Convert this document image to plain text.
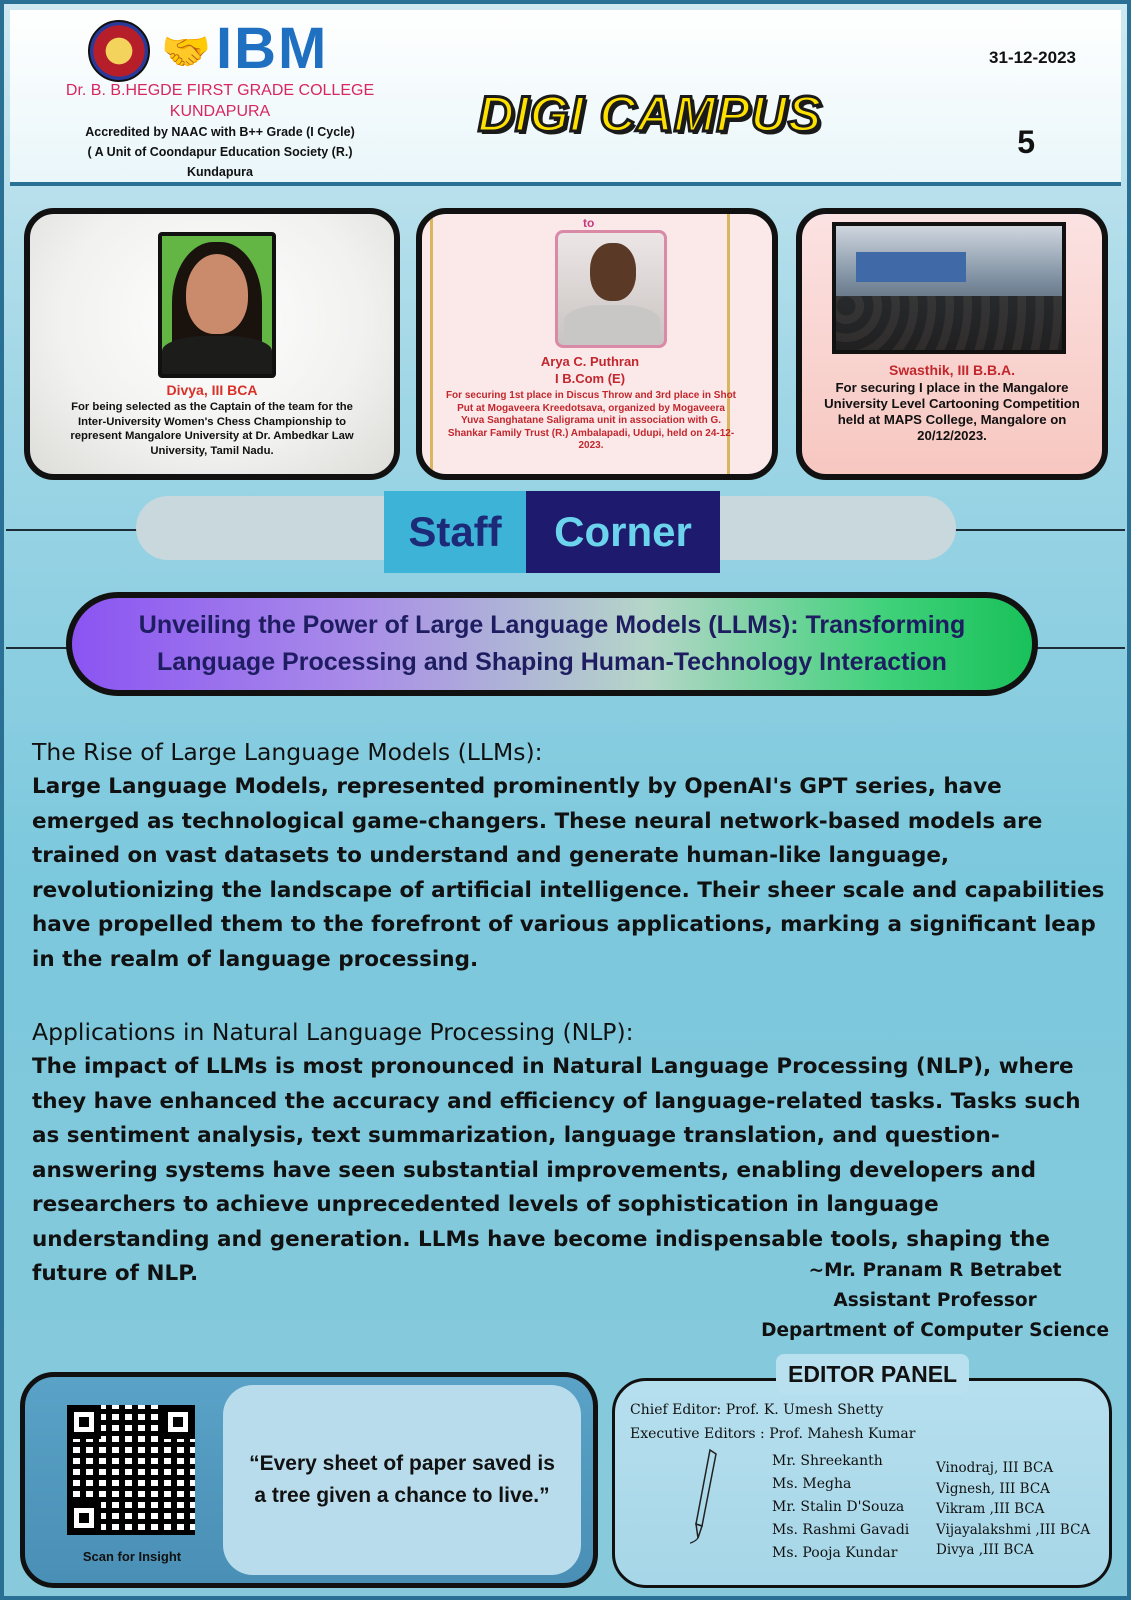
🤝 IBM
Dr. B. B.HEGDE FIRST GRADE COLLEGE
KUNDAPURA
Accredited by NAAC with B++ Grade (I Cycle)
( A Unit of Coondapur Education Society (R.)
Kundapura
DIGI CAMPUS
31-12-2023
5
Divya, III BCA
For being selected as the Captain of the team for the Inter-University Women's Chess Championship to represent Mangalore University at Dr. Ambedkar Law University, Tamil Nadu.
to
Arya C. Puthran
I B.Com (E)
For securing 1st place in Discus Throw and 3rd place in Shot Put at Mogaveera Kreedotsava, organized by Mogaveera Yuva Sanghatane Saligrama unit in association with G. Shankar Family Trust (R.) Ambalapadi, Udupi, held on 24-12-2023.
Swasthik, III B.B.A.
For securing I place in the Mangalore University Level Cartooning Competition held at MAPS College, Mangalore on 20/12/2023.
Staff	Corner
Unveiling the Power of Large Language Models (LLMs): Transforming
Language Processing and Shaping Human-Technology Interaction
The Rise of Large Language Models (LLMs):
Large Language Models, represented prominently by OpenAI's GPT series, have emerged as technological game-changers. These neural network-based models are trained on vast datasets to understand and generate human-like language, revolutionizing the landscape of artificial intelligence. Their sheer scale and capabilities have propelled them to the forefront of various applications, marking a significant leap in the realm of language processing.
Applications in Natural Language Processing (NLP):
The impact of LLMs is most pronounced in Natural Language Processing (NLP), where they have enhanced the accuracy and efficiency of language-related tasks. Tasks such as sentiment analysis, text summarization, language translation, and question-answering systems have seen substantial improvements, enabling developers and researchers to achieve unprecedented levels of sophistication in language understanding and generation. LLMs have become indispensable tools, shaping the future of NLP.	~Mr. Pranam R Betrabet
Assistant Professor
Department of Computer Science
Scan for Insight
“Every sheet of paper saved is a tree given a chance to live.”
EDITOR PANEL
Chief Editor: Prof. K. Umesh Shetty
Executive Editors : Prof. Mahesh Kumar
Mr. Shreekanth
Ms. Megha
Mr. Stalin D'Souza
Ms. Rashmi Gavadi
Ms. Pooja Kundar
Vinodraj, III BCA
Vignesh, III BCA
Vikram ,III BCA
Vijayalakshmi ,III BCA
Divya ,III BCA
